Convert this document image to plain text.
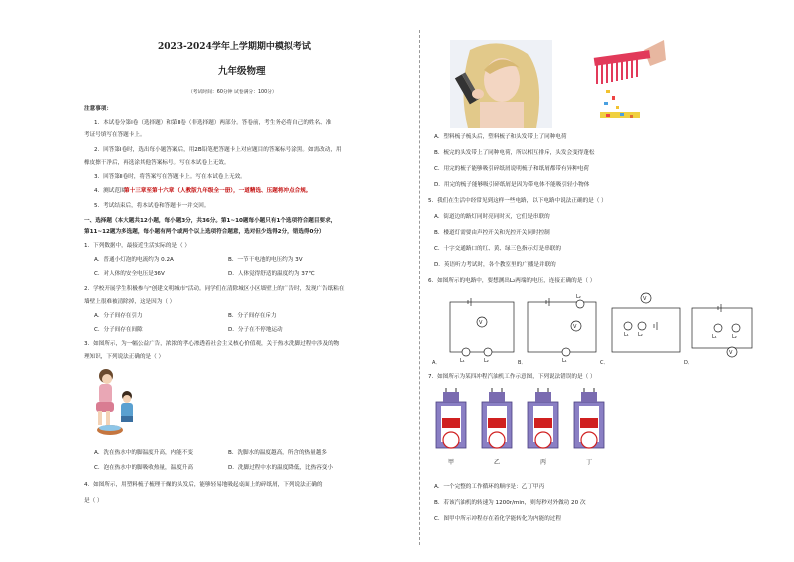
2023-2024学年上学期期中模拟考试
九年级物理
（考试时间：60分钟 试卷满分：100分）
注意事项：
1．本试卷分第Ⅰ卷（选择题）和第Ⅱ卷（非选择题）两部分。答卷前，考生务必将自己的姓名、准
考证号填写在答题卡上。
2．回答第Ⅰ卷时，选出每小题答案后，用2B铅笔把答题卡上对应题目的答案标号涂黑。如需改动，用
橡皮擦干净后，再选涂其他答案标号。写在本试卷上无效。
3．回答第Ⅱ卷时，将答案写在答题卡上。写在本试卷上无效。
4．测试范围：
第十三章至第十六章（人教版九年级全一册），一道精选、压题将冲点合规。
5．考试结束后，将本试卷和答题卡一并交回。
一、选择题（本大题共12小题，每小题3分，共36分。第1~10题每小题只有1个选项符合题目要求，
第11~12题为多选题，每小题有两个或两个以上选项符合题意，选对但少选得2分，错选得0分）
1．下列数据中，最接近生活实际的是（ ）
A．普通小灯泡的电流约为 0.2A	B．一节干电池的电压约为 3V
C．对人体的安全电压是36V	D．人体觉得舒适的温度约为 37℃
2．学校开展学生积极参与"创建文明城市"活动。同学们在清除城区小区墙壁上的广告时，发现广告纸粘在
墙壁上很难被清除掉，这是因为（ ）
A．分子间存在引力	B．分子间存在斥力
C．分子间存在间隙	D．分子在不停地运动
3．如图所示，为一幅公益广告，浓浓的孝心渗透着社会主义核心价值观，关于热水洗脚过程中涉及的物
理知识，下列说法正确的是（ ）
A．洗在热水中的脚温度升高，内能不变	B．洗脚水的温度越高，所含的热量越多
C．泡在热水中的脚吸收热量，温度升高	D．洗脚过程中水的温度降低，比热容变小
4．如图所示，用塑料梳子梳理干燥的头发后，能够轻易地吸起桌面上的碎纸屑，下列说法正确的
是（ ）
A．塑料梳子梳头后，塑料梳子和头发带上了同种电荷
B．梳完的头发带上了同种电荷，所以相互排斥，头发会变得蓬松
C．用完的梳子能够吸引碎纸屑说明梳子和纸屑都带有异种电荷
D．用完的梳子能够吸引碎纸屑是因为带电体不能吸引轻小物体
5．我们在生活中经常见到这样一些电路，以下电路中说法正确的是（ ）
A．街道边的路灯同时亮同时灭，它们是串联的
B．楼道灯需要由声控开关和光控开关同时控制
C．十字交通路口的红、黄、绿三色指示灯是串联的
D．英语听力考试时，各个教室里的广播是并联的
6．如图所示的电路中，要想测出L₂两端的电压，连接正确的是（ ）
V
V
V
V
L₁	L₂	L₁
L₂
L₁ L₂	L₁	L₂
A．	B．	C．	D．
7．如图所示为某四冲程汽油机工作示意图，下列说法错误的是（ ）
甲	乙	丙	丁
A．一个完整的工作循环的顺序是：乙丁甲丙
B．若该汽油机的转速为 1200r/min，则每秒对外做功 20 次
C．图甲中所示冲程存在着化学能转化为内能的过程
